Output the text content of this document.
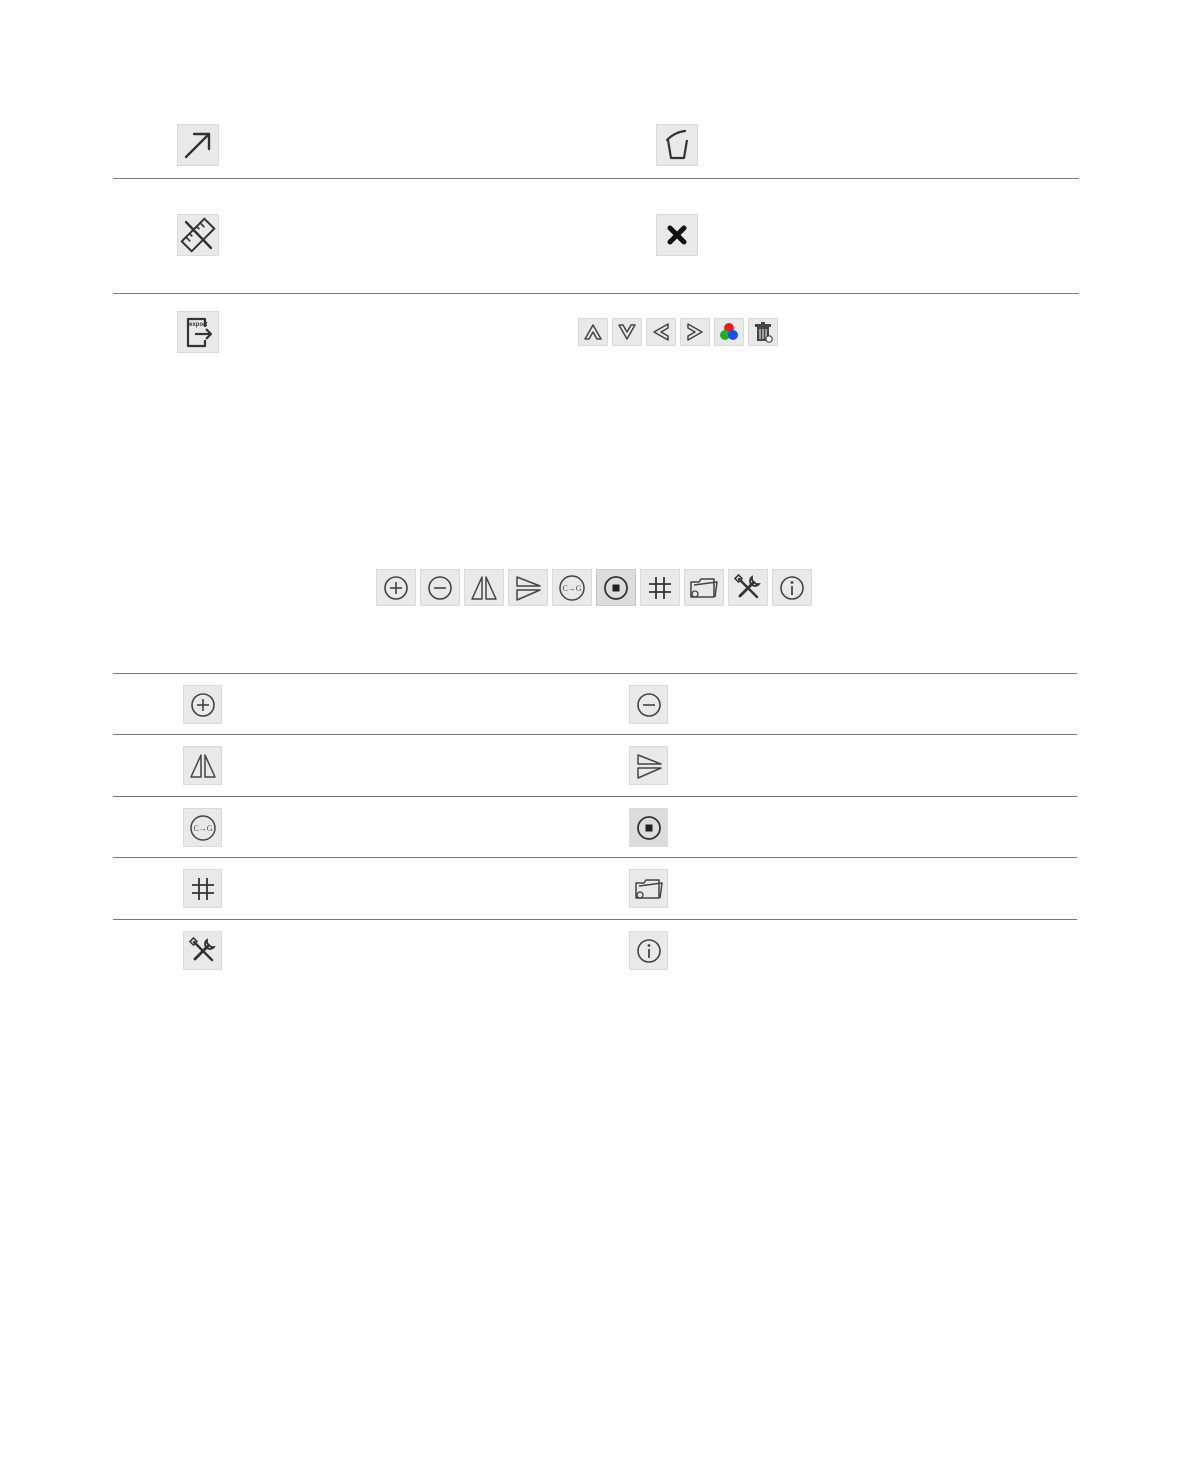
export
C→G
C→G
